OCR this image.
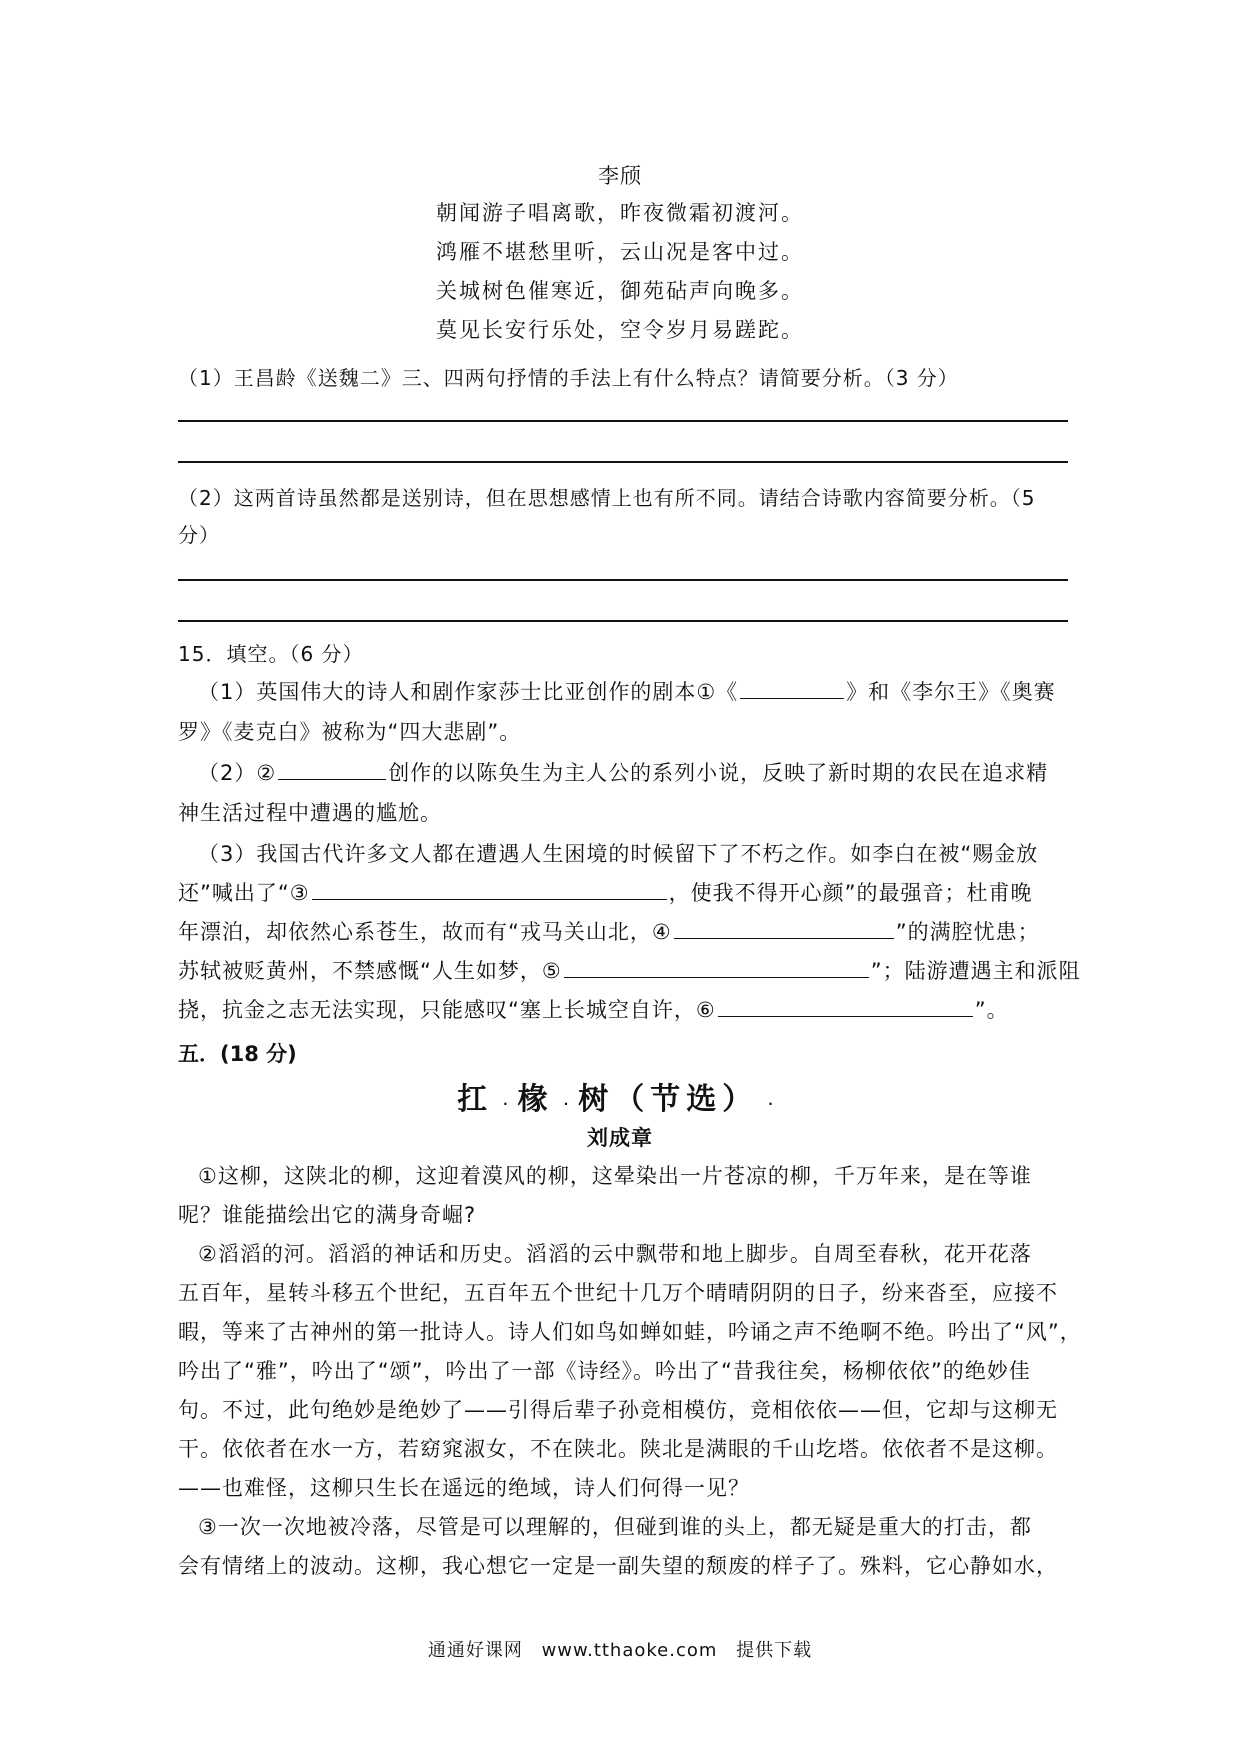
李颀
朝闻游子唱离歌，昨夜微霜初渡河。
鸿雁不堪愁里听，云山况是客中过。
关城树色催寒近，御苑砧声向晚多。
莫见长安行乐处，空令岁月易蹉跎。
（1）王昌龄《送魏二》三、四两句抒情的手法上有什么特点？请简要分析。（3 分）
（2）这两首诗虽然都是送别诗，但在思想感情上也有所不同。请结合诗歌内容简要分析。（5
分）
15．填空。（6 分）
（1）英国伟大的诗人和剧作家莎士比亚创作的剧本①《	》和《李尔王》《奥赛
罗》《麦克白》被称为“四大悲剧”。
（2）②	创作的以陈奂生为主人公的系列小说，反映了新时期的农民在追求精
神生活过程中遭遇的尴尬。
（3）我国古代许多文人都在遭遇人生困境的时候留下了不朽之作。如李白在被“赐金放
还”喊出了“③	，使我不得开心颜”的最强音；杜甫晚
年漂泊，却依然心系苍生，故而有“戎马关山北，④	”的满腔忧患；
苏轼被贬黄州，不禁感慨“人生如梦，⑤	”；陆游遭遇主和派阻
挠，抗金之志无法实现，只能感叹“塞上长城空自许，⑥	”。
五．(18 分)
扛 . 椽 . 树（节选） .
刘成章
①这柳，这陕北的柳，这迎着漠风的柳，这晕染出一片苍凉的柳，千万年来，是在等谁
呢？谁能描绘出它的满身奇崛?
②滔滔的河。滔滔的神话和历史。滔滔的云中飘带和地上脚步。自周至春秋，花开花落
五百年，星转斗移五个世纪，五百年五个世纪十几万个晴晴阴阴的日子，纷来沓至，应接不
暇，等来了古神州的第一批诗人。诗人们如鸟如蝉如蛙，吟诵之声不绝啊不绝。吟出了“风”，
吟出了“雅”，吟出了“颂”，吟出了一部《诗经》。吟出了“昔我往矣，杨柳依依”的绝妙佳
句。不过，此句绝妙是绝妙了——引得后辈子孙竞相模仿，竞相依依——但，它却与这柳无
干。依依者在水一方，若窈窕淑女，不在陕北。陕北是满眼的千山圪塔。依依者不是这柳。
——也难怪，这柳只生长在遥远的绝域，诗人们何得一见？
③一次一次地被冷落，尽管是可以理解的，但碰到谁的头上，都无疑是重大的打击，都
会有情绪上的波动。这柳，我心想它一定是一副失望的颓废的样子了。殊料，它心静如水，
通通好课网 www.tthaoke.com 提供下载
